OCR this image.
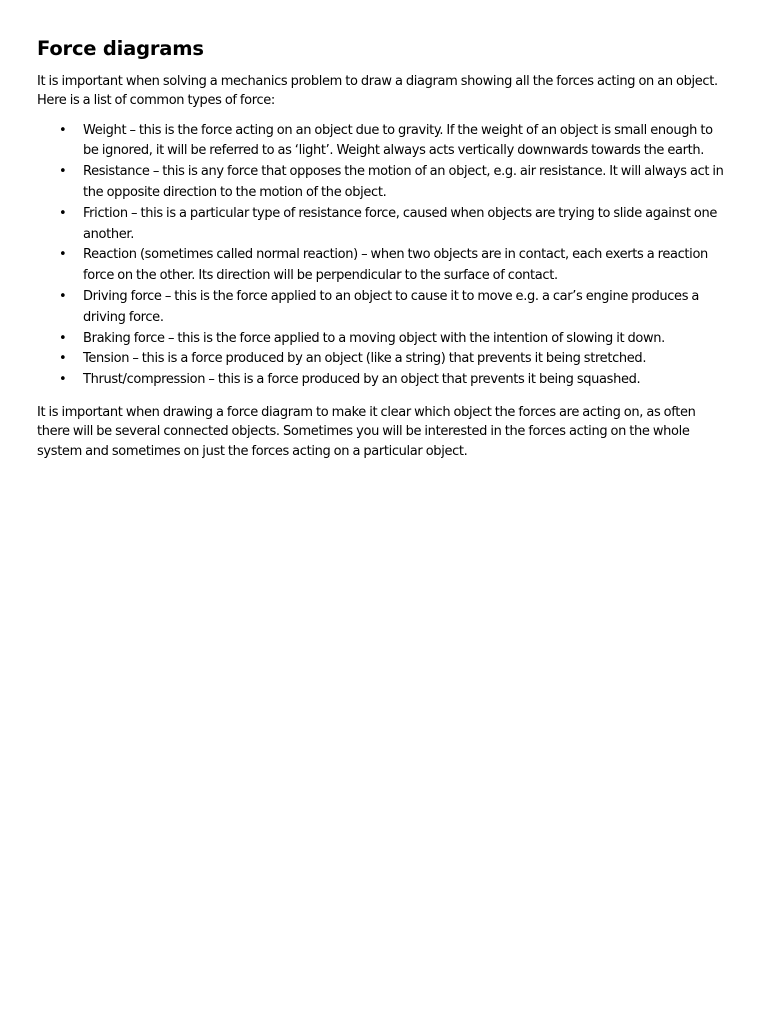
Force diagrams

It is important when solving a mechanics problem to draw a diagram showing all the forces acting on an object. Here is a list of common types of force:

• Weight – this is the force acting on an object due to gravity. If the weight of an object is small enough to be ignored, it will be referred to as ‘light’. Weight always acts vertically downwards towards the earth.
• Resistance – this is any force that opposes the motion of an object, e.g. air resistance. It will always act in the opposite direction to the motion of the object.
• Friction – this is a particular type of resistance force, caused when objects are trying to slide against one another.
• Reaction (sometimes called normal reaction) – when two objects are in contact, each exerts a reaction force on the other. Its direction will be perpendicular to the surface of contact.
• Driving force – this is the force applied to an object to cause it to move e.g. a car’s engine produces a driving force.
• Braking force – this is the force applied to a moving object with the intention of slowing it down.
• Tension – this is a force produced by an object (like a string) that prevents it being stretched.
• Thrust/compression – this is a force produced by an object that prevents it being squashed.

It is important when drawing a force diagram to make it clear which object the forces are acting on, as often there will be several connected objects. Sometimes you will be interested in the forces acting on the whole system and sometimes on just the forces acting on a particular object.
